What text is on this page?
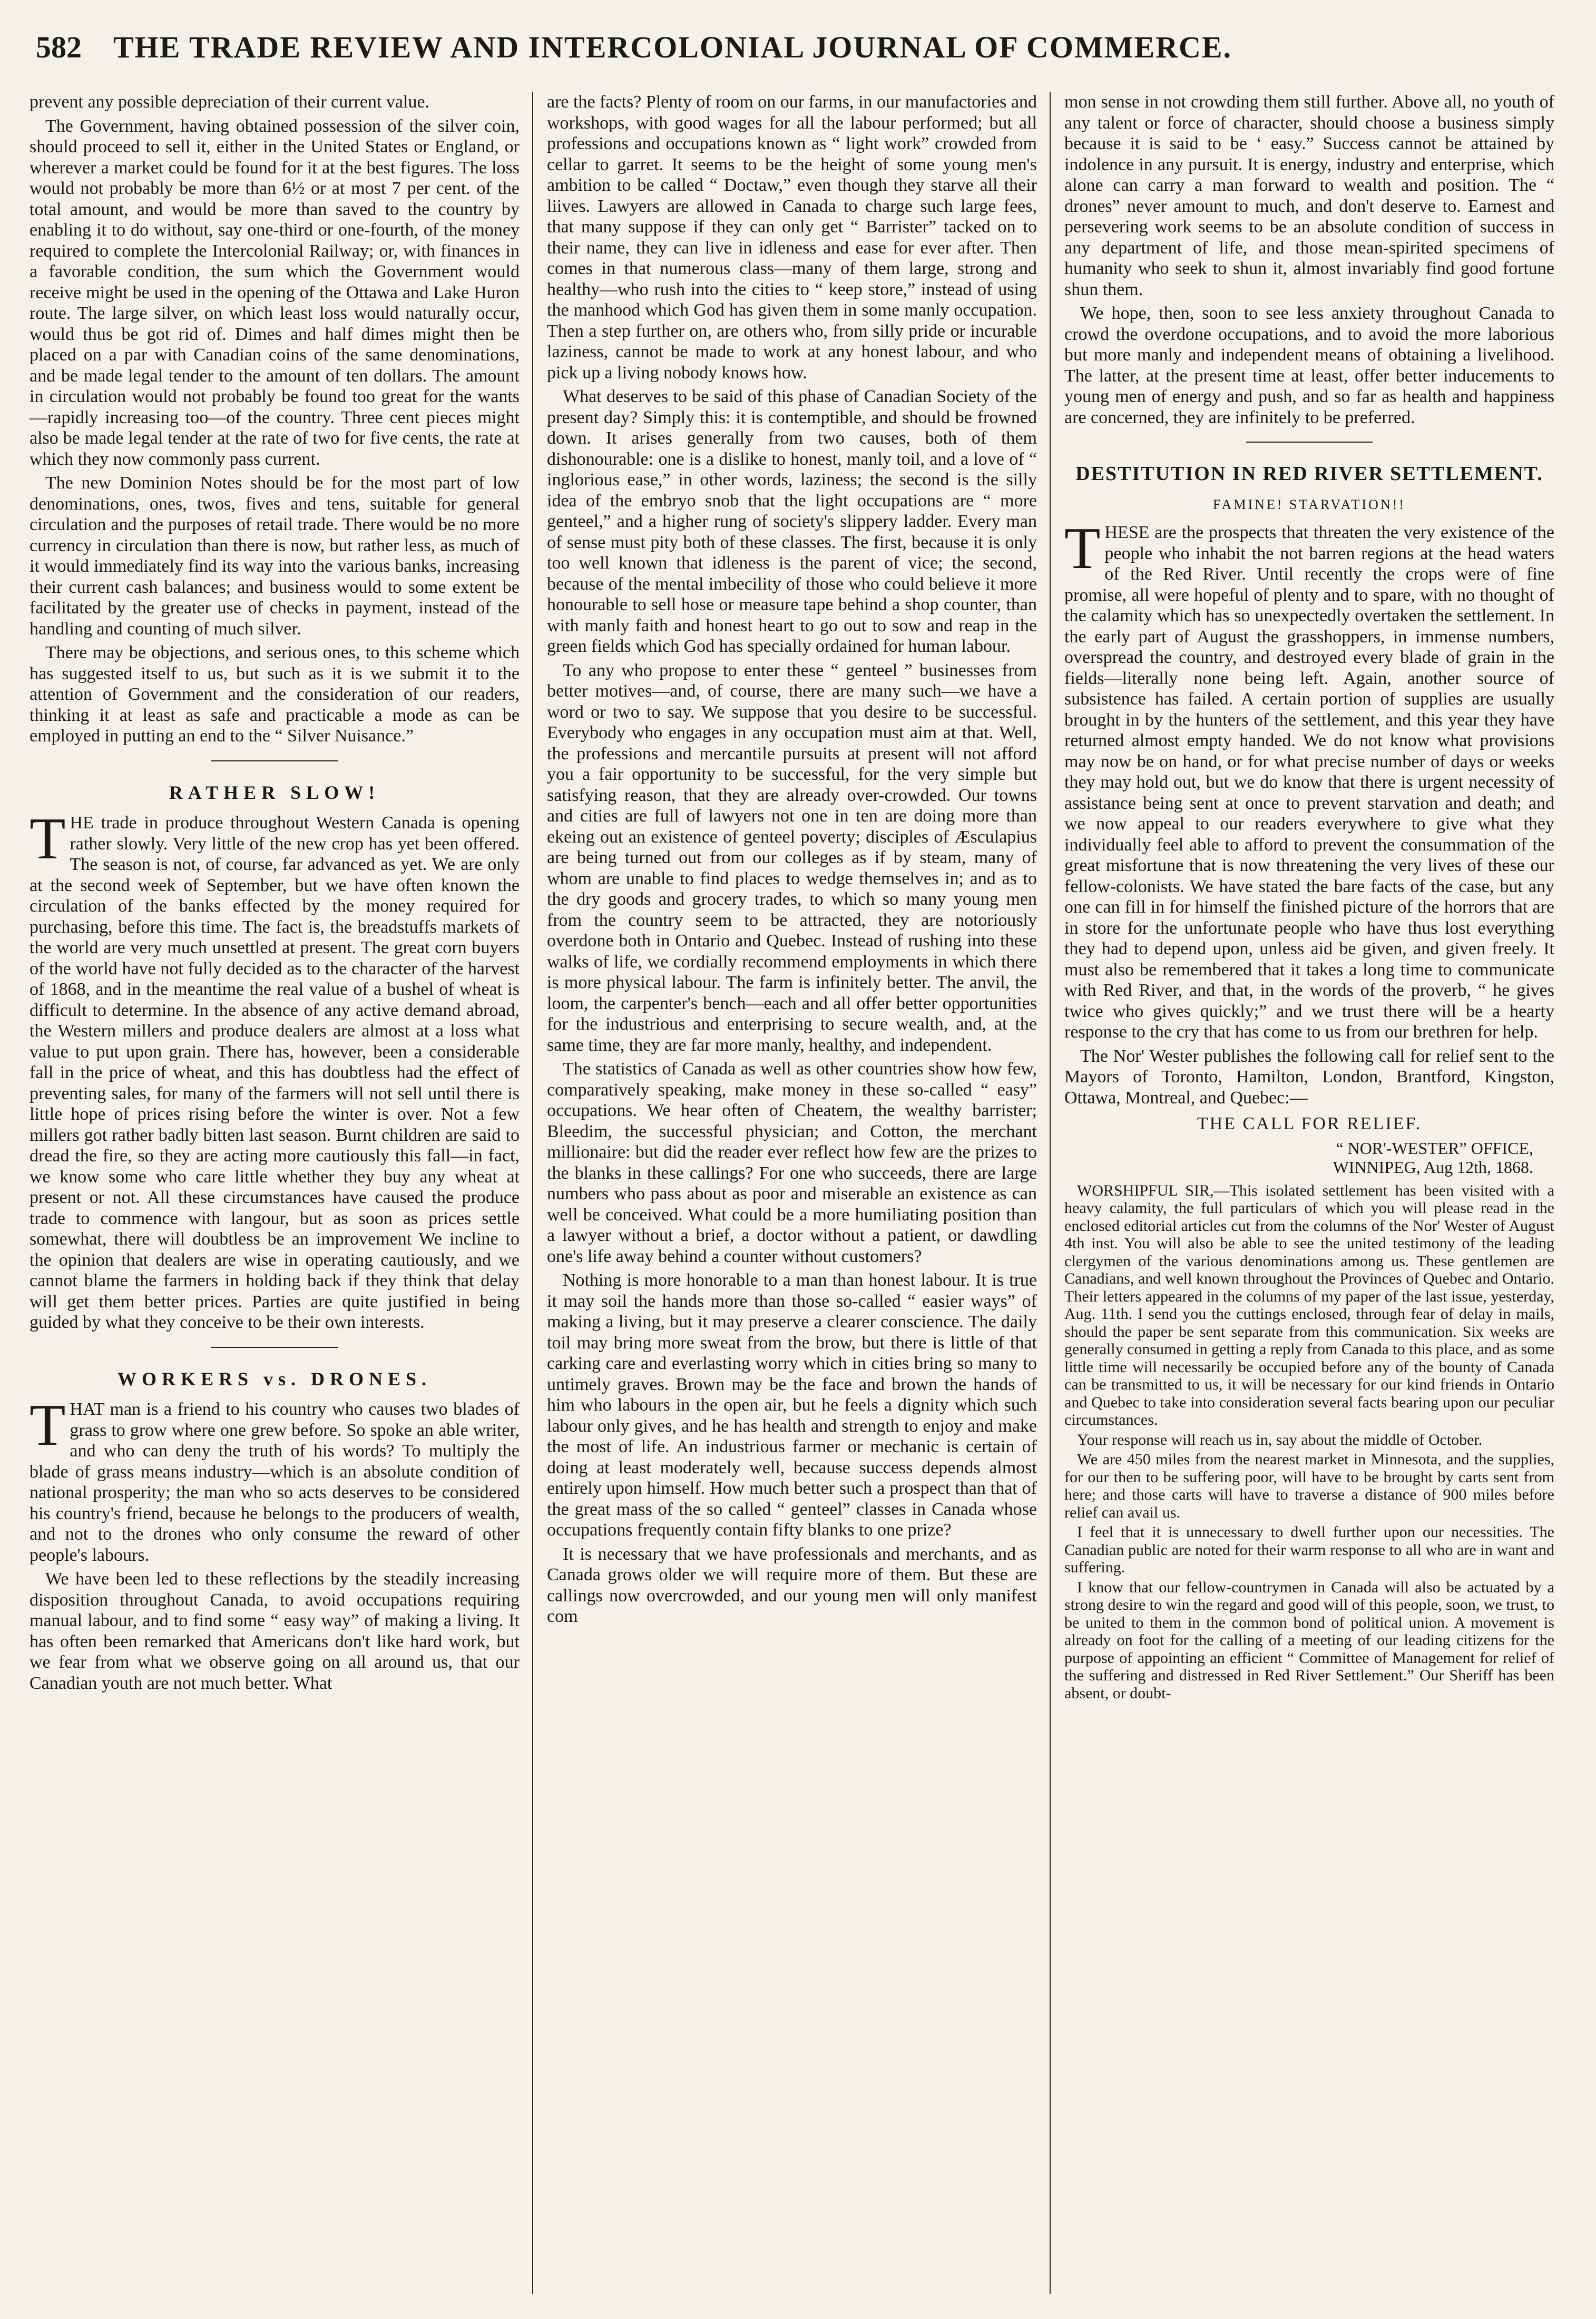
582 THE TRADE REVIEW AND INTERCOLONIAL JOURNAL OF COMMERCE.

prevent any possible depreciation of their current value.

The Government, having obtained possession of the silver coin, should proceed to sell it, either in the United States or England, or wherever a market could be found for it at the best figures. The loss would not probably be more than 6½ or at most 7 per cent. of the total amount, and would be more than saved to the country by enabling it to do without, say one-third or one-fourth, of the money required to complete the Intercolonial Railway; or, with finances in a favorable condition, the sum which the Government would receive might be used in the opening of the Ottawa and Lake Huron route. The large silver, on which least loss would naturally occur, would thus be got rid of. Dimes and half dimes might then be placed on a par with Canadian coins of the same denominations, and be made legal tender to the amount of ten dollars. The amount in circulation would not probably be found too great for the wants—rapidly increasing too—of the country. Three cent pieces might also be made legal tender at the rate of two for five cents, the rate at which they now commonly pass current.

The new Dominion Notes should be for the most part of low denominations, ones, twos, fives and tens, suitable for general circulation and the purposes of retail trade. There would be no more currency in circulation than there is now, but rather less, as much of it would immediately find its way into the various banks, increasing their current cash balances; and business would to some extent be facilitated by the greater use of checks in payment, instead of the handling and counting of much silver.

There may be objections, and serious ones, to this scheme which has suggested itself to us, but such as it is we submit it to the attention of Government and the consideration of our readers, thinking it at least as safe and practicable a mode as can be employed in putting an end to the “ Silver Nuisance.”

RATHER SLOW!

THE trade in produce throughout Western Canada is opening rather slowly. Very little of the new crop has yet been offered. The season is not, of course, far advanced as yet. We are only at the second week of September, but we have often known the circulation of the banks effected by the money required for purchasing, before this time. The fact is, the breadstuffs markets of the world are very much unsettled at present. The great corn buyers of the world have not fully decided as to the character of the harvest of 1868, and in the meantime the real value of a bushel of wheat is difficult to determine. In the absence of any active demand abroad, the Western millers and produce dealers are almost at a loss what value to put upon grain. There has, however, been a considerable fall in the price of wheat, and this has doubtless had the effect of preventing sales, for many of the farmers will not sell until there is little hope of prices rising before the winter is over. Not a few millers got rather badly bitten last season. Burnt children are said to dread the fire, so they are acting more cautiously this fall—in fact, we know some who care little whether they buy any wheat at present or not. All these circumstances have caused the produce trade to commence with langour, but as soon as prices settle somewhat, there will doubtless be an improvement We incline to the opinion that dealers are wise in operating cautiously, and we cannot blame the farmers in holding back if they think that delay will get them better prices. Parties are quite justified in being guided by what they conceive to be their own interests.

WORKERS vs. DRONES.

THAT man is a friend to his country who causes two blades of grass to grow where one grew before. So spoke an able writer, and who can deny the truth of his words? To multiply the blade of grass means industry—which is an absolute condition of national prosperity; the man who so acts deserves to be considered his country's friend, because he belongs to the producers of wealth, and not to the drones who only consume the reward of other people's labours.

We have been led to these reflections by the steadily increasing disposition throughout Canada, to avoid occupations requiring manual labour, and to find some “ easy way” of making a living. It has often been remarked that Americans don't like hard work, but we fear from what we observe going on all around us, that our Canadian youth are not much better. What

are the facts? Plenty of room on our farms, in our manufactories and workshops, with good wages for all the labour performed; but all professions and occupations known as “ light work” crowded from cellar to garret. It seems to be the height of some young men's ambition to be called “ Doctaw,” even though they starve all their liives. Lawyers are allowed in Canada to charge such large fees, that many suppose if they can only get “ Barrister” tacked on to their name, they can live in idleness and ease for ever after. Then comes in that numerous class—many of them large, strong and healthy—who rush into the cities to “ keep store,” instead of using the manhood which God has given them in some manly occupation. Then a step further on, are others who, from silly pride or incurable laziness, cannot be made to work at any honest labour, and who pick up a living nobody knows how.

What deserves to be said of this phase of Canadian Society of the present day? Simply this: it is contemptible, and should be frowned down. It arises generally from two causes, both of them dishonourable: one is a dislike to honest, manly toil, and a love of “ inglorious ease,” in other words, laziness; the second is the silly idea of the embryo snob that the light occupations are “ more genteel,” and a higher rung of society's slippery ladder. Every man of sense must pity both of these classes. The first, because it is only too well known that idleness is the parent of vice; the second, because of the mental imbecility of those who could believe it more honourable to sell hose or measure tape behind a shop counter, than with manly faith and honest heart to go out to sow and reap in the green fields which God has specially ordained for human labour.

To any who propose to enter these “ genteel ” businesses from better motives—and, of course, there are many such—we have a word or two to say. We suppose that you desire to be successful. Everybody who engages in any occupation must aim at that. Well, the professions and mercantile pursuits at present will not afford you a fair opportunity to be successful, for the very simple but satisfying reason, that they are already over-crowded. Our towns and cities are full of lawyers not one in ten are doing more than ekeing out an existence of genteel poverty; disciples of Æsculapius are being turned out from our colleges as if by steam, many of whom are unable to find places to wedge themselves in; and as to the dry goods and grocery trades, to which so many young men from the country seem to be attracted, they are notoriously overdone both in Ontario and Quebec. Instead of rushing into these walks of life, we cordially recommend employments in which there is more physical labour. The farm is infinitely better. The anvil, the loom, the carpenter's bench—each and all offer better opportunities for the industrious and enterprising to secure wealth, and, at the same time, they are far more manly, healthy, and independent.

The statistics of Canada as well as other countries show how few, comparatively speaking, make money in these so-called “ easy” occupations. We hear often of Cheatem, the wealthy barrister; Bleedim, the successful physician; and Cotton, the merchant millionaire: but did the reader ever reflect how few are the prizes to the blanks in these callings? For one who succeeds, there are large numbers who pass about as poor and miserable an existence as can well be conceived. What could be a more humiliating position than a lawyer without a brief, a doctor without a patient, or dawdling one's life away behind a counter without customers?

Nothing is more honorable to a man than honest labour. It is true it may soil the hands more than those so-called “ easier ways” of making a living, but it may preserve a clearer conscience. The daily toil may bring more sweat from the brow, but there is little of that carking care and everlasting worry which in cities bring so many to untimely graves. Brown may be the face and brown the hands of him who labours in the open air, but he feels a dignity which such labour only gives, and he has health and strength to enjoy and make the most of life. An industrious farmer or mechanic is certain of doing at least moderately well, because success depends almost entirely upon himself. How much better such a prospect than that of the great mass of the so called “ genteel” classes in Canada whose occupations frequently contain fifty blanks to one prize?

It is necessary that we have professionals and merchants, and as Canada grows older we will require more of them. But these are callings now overcrowded, and our young men will only manifest com

mon sense in not crowding them still further. Above all, no youth of any talent or force of character, should choose a business simply because it is said to be ‘ easy.” Success cannot be attained by indolence in any pursuit. It is energy, industry and enterprise, which alone can carry a man forward to wealth and position. The “ drones” never amount to much, and don't deserve to. Earnest and persevering work seems to be an absolute condition of success in any department of life, and those mean-spirited specimens of humanity who seek to shun it, almost invariably find good fortune shun them.

We hope, then, soon to see less anxiety throughout Canada to crowd the overdone occupations, and to avoid the more laborious but more manly and independent means of obtaining a livelihood. The latter, at the present time at least, offer better inducements to young men of energy and push, and so far as health and happiness are concerned, they are infinitely to be preferred.

DESTITUTION IN RED RIVER SETTLEMENT.
FAMINE! STARVATION!!

THESE are the prospects that threaten the very existence of the people who inhabit the not barren regions at the head waters of the Red River. Until recently the crops were of fine promise, all were hopeful of plenty and to spare, with no thought of the calamity which has so unexpectedly overtaken the settlement. In the early part of August the grasshoppers, in immense numbers, overspread the country, and destroyed every blade of grain in the fields—literally none being left. Again, another source of subsistence has failed. A certain portion of supplies are usually brought in by the hunters of the settlement, and this year they have returned almost empty handed. We do not know what provisions may now be on hand, or for what precise number of days or weeks they may hold out, but we do know that there is urgent necessity of assistance being sent at once to prevent starvation and death; and we now appeal to our readers everywhere to give what they individually feel able to afford to prevent the consummation of the great misfortune that is now threatening the very lives of these our fellow-colonists. We have stated the bare facts of the case, but any one can fill in for himself the finished picture of the horrors that are in store for the unfortunate people who have thus lost everything they had to depend upon, unless aid be given, and given freely. It must also be remembered that it takes a long time to communicate with Red River, and that, in the words of the proverb, “ he gives twice who gives quickly;” and we trust there will be a hearty response to the cry that has come to us from our brethren for help.

The Nor' Wester publishes the following call for relief sent to the Mayors of Toronto, Hamilton, London, Brantford, Kingston, Ottawa, Montreal, and Quebec:—

THE CALL FOR RELIEF.
“ NOR'-WESTER” OFFICE,
WINNIPEG, Aug 12th, 1868.

WORSHIPFUL SIR,—This isolated settlement has been visited with a heavy calamity, the full particulars of which you will please read in the enclosed editorial articles cut from the columns of the Nor' Wester of August 4th inst. You will also be able to see the united testimony of the leading clergymen of the various denominations among us. These gentlemen are Canadians, and well known throughout the Provinces of Quebec and Ontario. Their letters appeared in the columns of my paper of the last issue, yesterday, Aug. 11th. I send you the cuttings enclosed, through fear of delay in mails, should the paper be sent separate from this communication. Six weeks are generally consumed in getting a reply from Canada to this place, and as some little time will necessarily be occupied before any of the bounty of Canada can be transmitted to us, it will be necessary for our kind friends in Ontario and Quebec to take into consideration several facts bearing upon our peculiar circumstances.

Your response will reach us in, say about the middle of October.

We are 450 miles from the nearest market in Minnesota, and the supplies, for our then to be suffering poor, will have to be brought by carts sent from here; and those carts will have to traverse a distance of 900 miles before relief can avail us.

I feel that it is unnecessary to dwell further upon our necessities. The Canadian public are noted for their warm response to all who are in want and suffering.

I know that our fellow-countrymen in Canada will also be actuated by a strong desire to win the regard and good will of this people, soon, we trust, to be united to them in the common bond of political union. A movement is already on foot for the calling of a meeting of our leading citizens for the purpose of appointing an efficient “ Committee of Management for relief of the suffering and distressed in Red River Settlement.” Our Sheriff has been absent, or doubt-
